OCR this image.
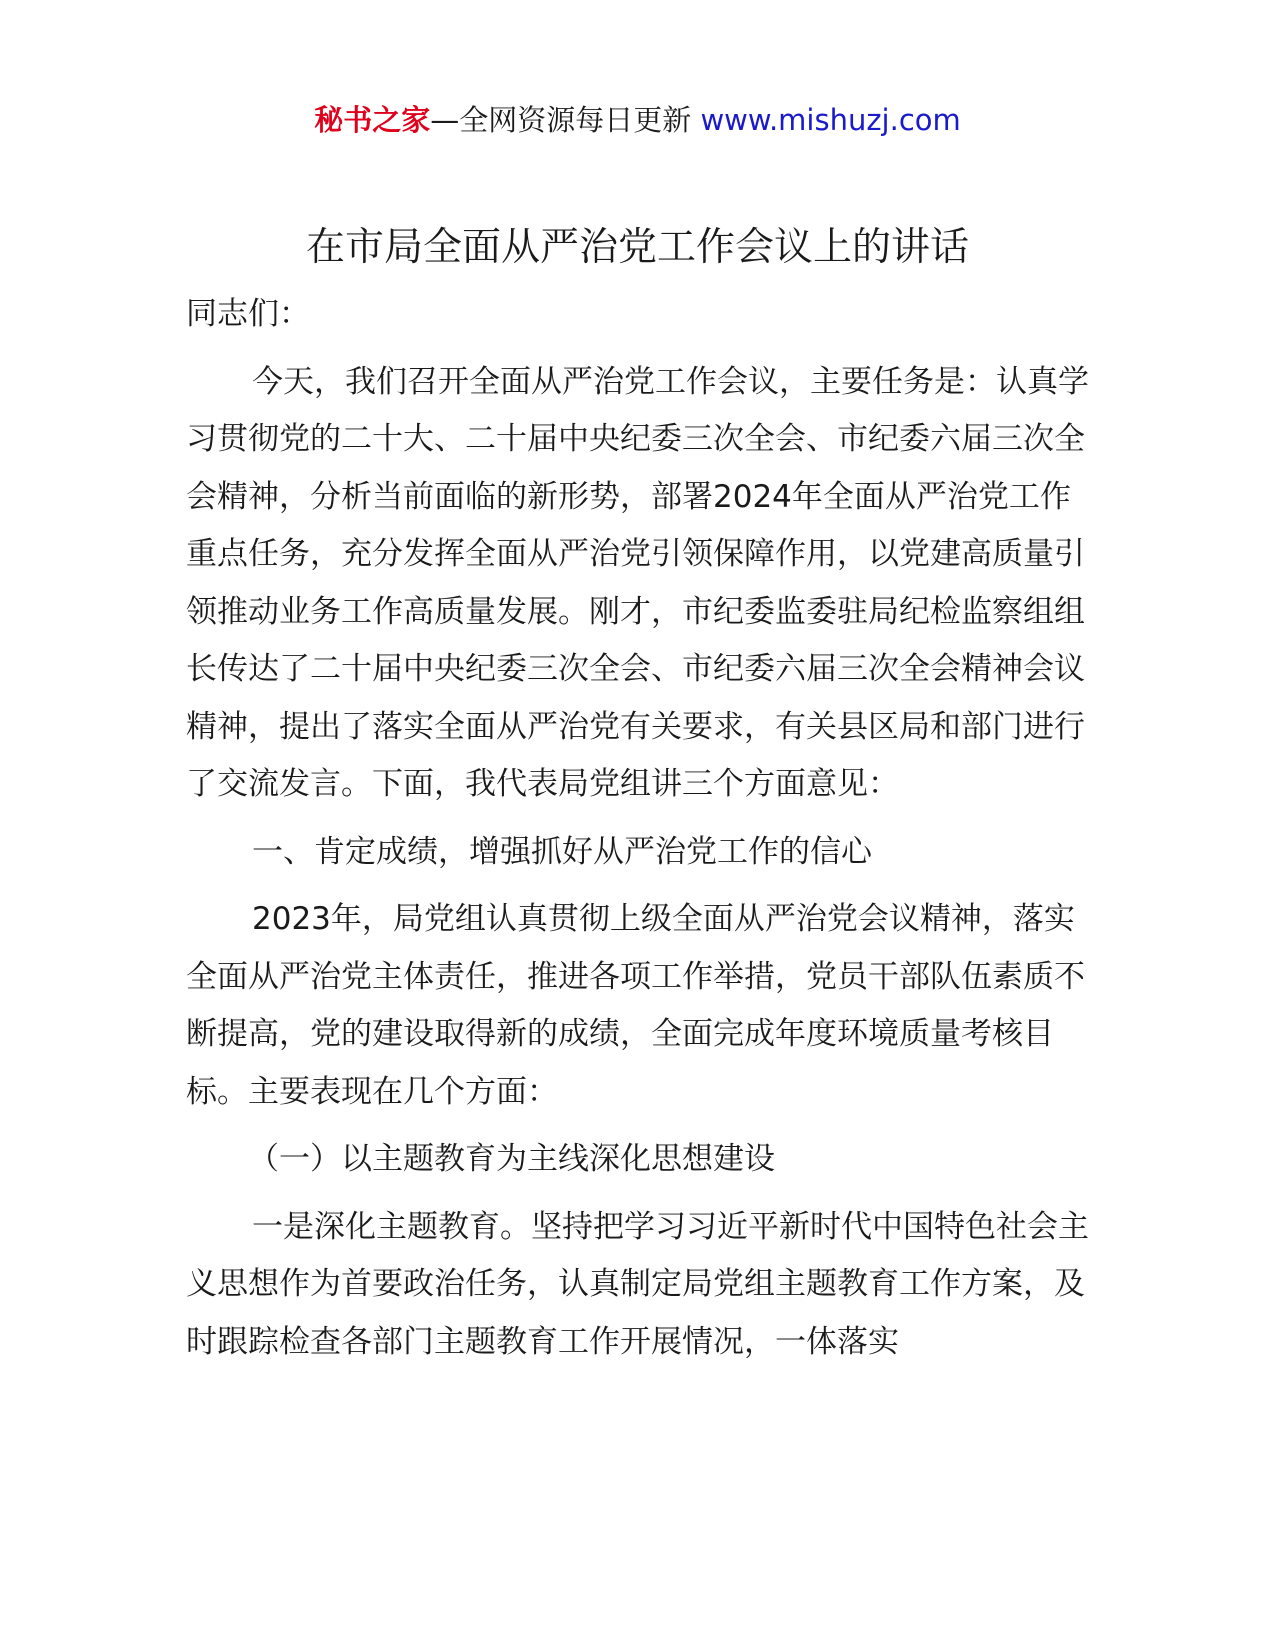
秘书之家—全网资源每日更新 www.mishuzj.com
在市局全面从严治党工作会议上的讲话

同志们：

今天，我们召开全面从严治党工作会议，主要任务是：认真学习贯彻党的二十大、二十届中央纪委三次全会、市纪委六届三次全会精神，分析当前面临的新形势，部署2024年全面从严治党工作重点任务，充分发挥全面从严治党引领保障作用，以党建高质量引领推动业务工作高质量发展。刚才，市纪委监委驻局纪检监察组组长传达了二十届中央纪委三次全会、市纪委六届三次全会精神会议精神，提出了落实全面从严治党有关要求，有关县区局和部门进行了交流发言。下面，我代表局党组讲三个方面意见：

一、肯定成绩，增强抓好从严治党工作的信心

2023年，局党组认真贯彻上级全面从严治党会议精神，落实全面从严治党主体责任，推进各项工作举措，党员干部队伍素质不断提高，党的建设取得新的成绩，全面完成年度环境质量考核目标。主要表现在几个方面：

（一）以主题教育为主线深化思想建设

一是深化主题教育。坚持把学习习近平新时代中国特色社会主义思想作为首要政治任务，认真制定局党组主题教育工作方案，及时跟踪检查各部门主题教育工作开展情况，一体落实
